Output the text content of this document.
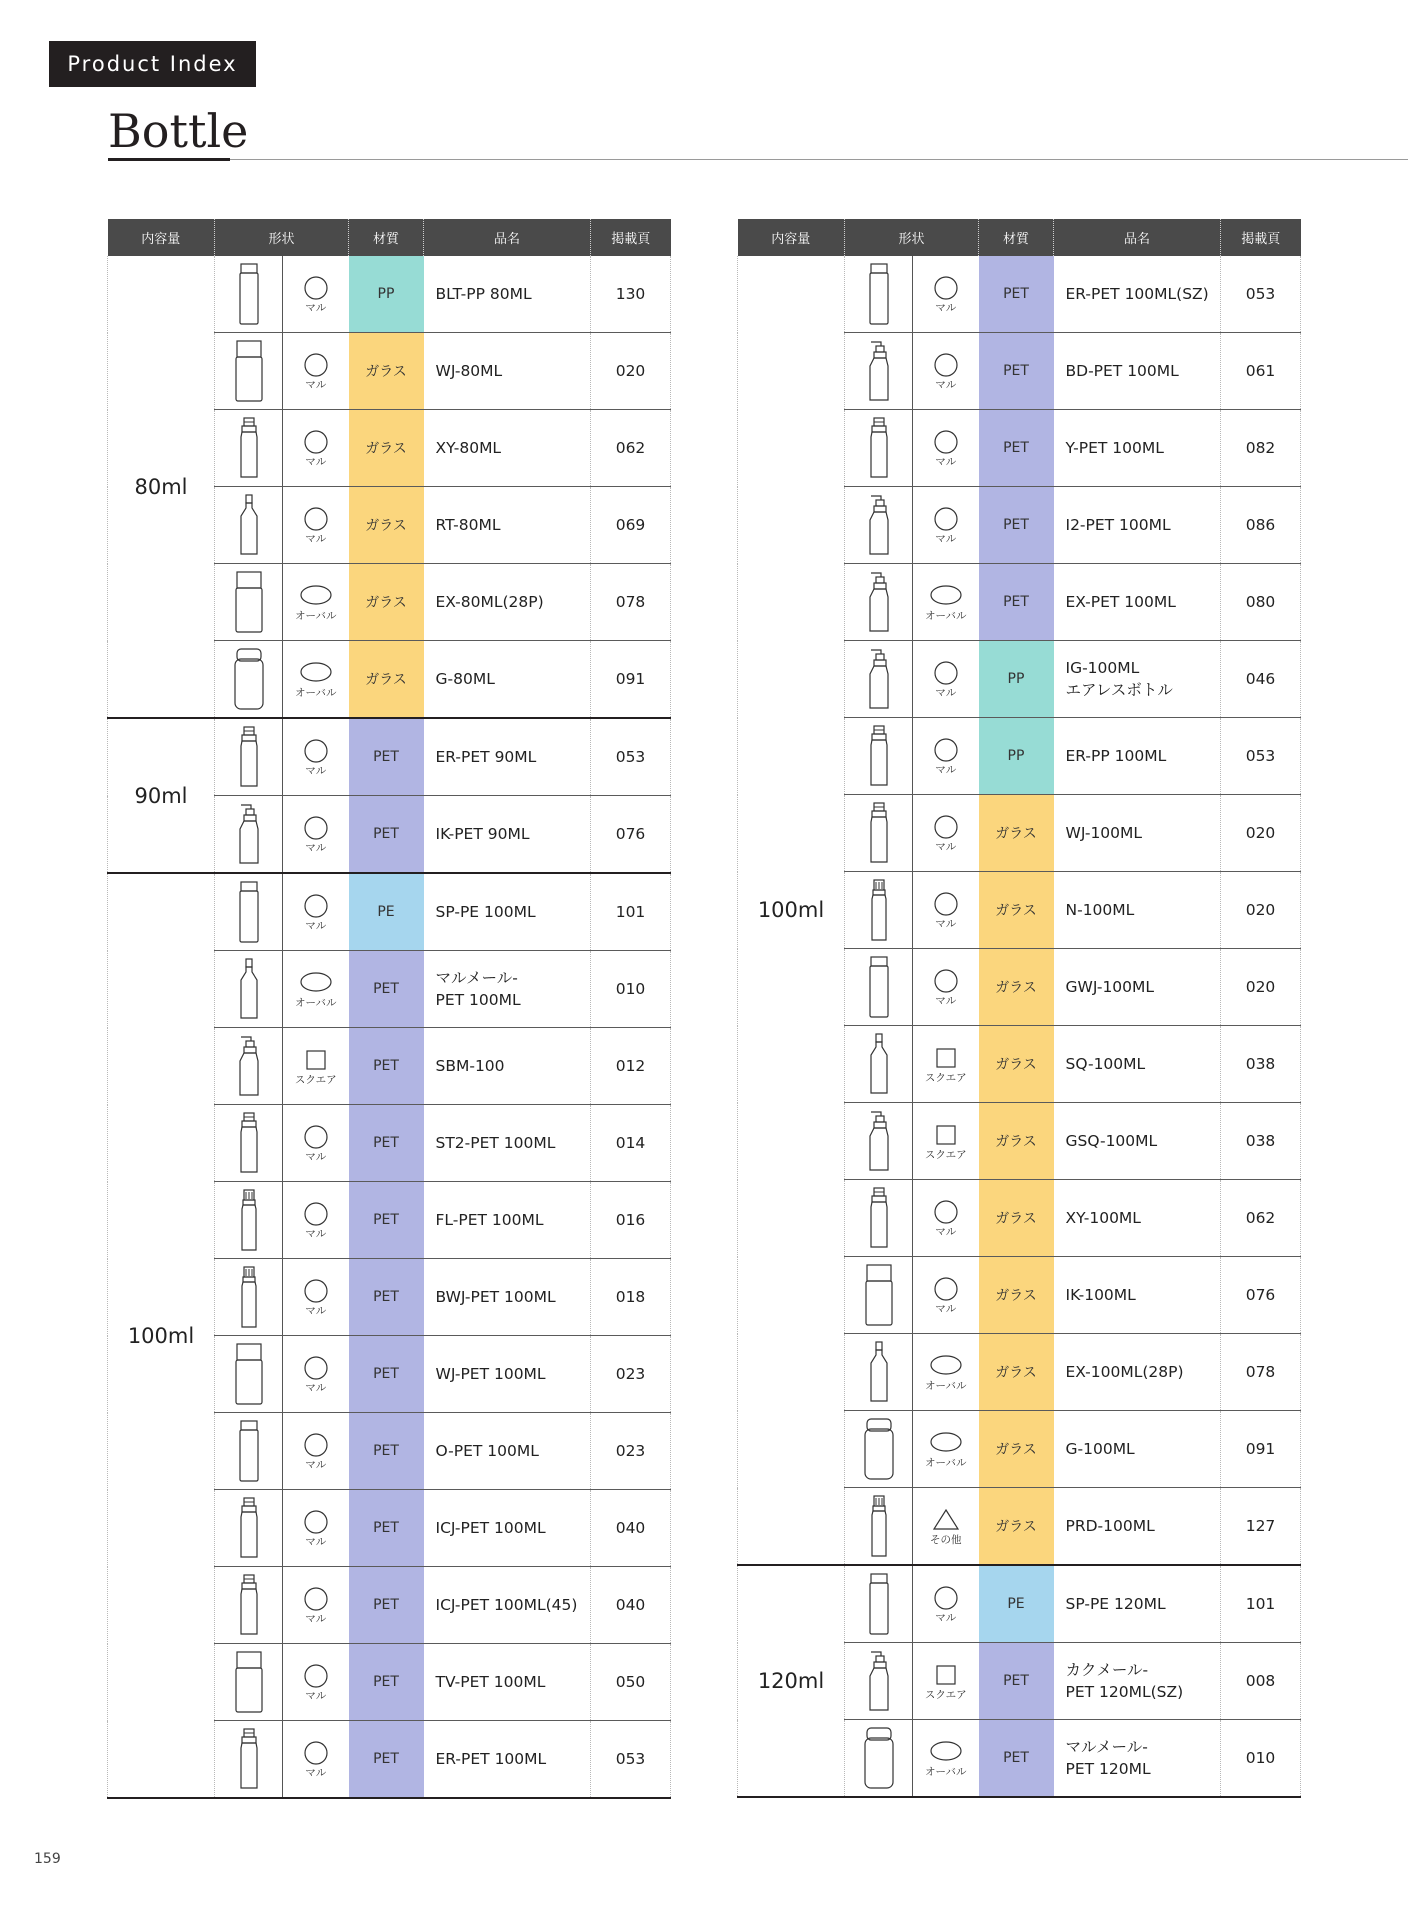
Product Index
Bottle
内容量	形状		材質	品名	掲載頁
80ml		マル	PP	BLT-PP 80ML	130

マル	ガラス	WJ-80ML	020

マル	ガラス	XY-80ML	062

マル	ガラス	RT-80ML	069

オーバル	ガラス	EX-80ML(28P)	078

オーバル	ガラス	G-80ML	091
90ml		マル	PET	ER-PET 90ML	053

マル	PET	IK-PET 90ML	076
100ml		マル	PE	SP-PE 100ML	101

オーバル	PET	マルメール-
PET 100ML	010

スクエア	PET	SBM-100	012

マル	PET	ST2-PET 100ML	014

マル	PET	FL-PET 100ML	016

マル	PET	BWJ-PET 100ML	018

マル	PET	WJ-PET 100ML	023

マル	PET	O-PET 100ML	023

マル	PET	ICJ-PET 100ML	040

マル	PET	ICJ-PET 100ML(45)	040

マル	PET	TV-PET 100ML	050

マル	PET	ER-PET 100ML	053
内容量	形状		材質	品名	掲載頁
100ml		マル	PET	ER-PET 100ML(SZ)	053

マル	PET	BD-PET 100ML	061

マル	PET	Y-PET 100ML	082

マル	PET	I2-PET 100ML	086

オーバル	PET	EX-PET 100ML	080

マル	PP	IG-100ML
エアレスボトル	046

マル	PP	ER-PP 100ML	053

マル	ガラス	WJ-100ML	020

マル	ガラス	N-100ML	020

マル	ガラス	GWJ-100ML	020

スクエア	ガラス	SQ-100ML	038

スクエア	ガラス	GSQ-100ML	038

マル	ガラス	XY-100ML	062

マル	ガラス	IK-100ML	076

オーバル	ガラス	EX-100ML(28P)	078

オーバル	ガラス	G-100ML	091

その他	ガラス	PRD-100ML	127
120ml		マル	PE	SP-PE 120ML	101

スクエア	PET	カクメール-
PET 120ML(SZ)	008

オーバル	PET	マルメール-
PET 120ML	010
159
